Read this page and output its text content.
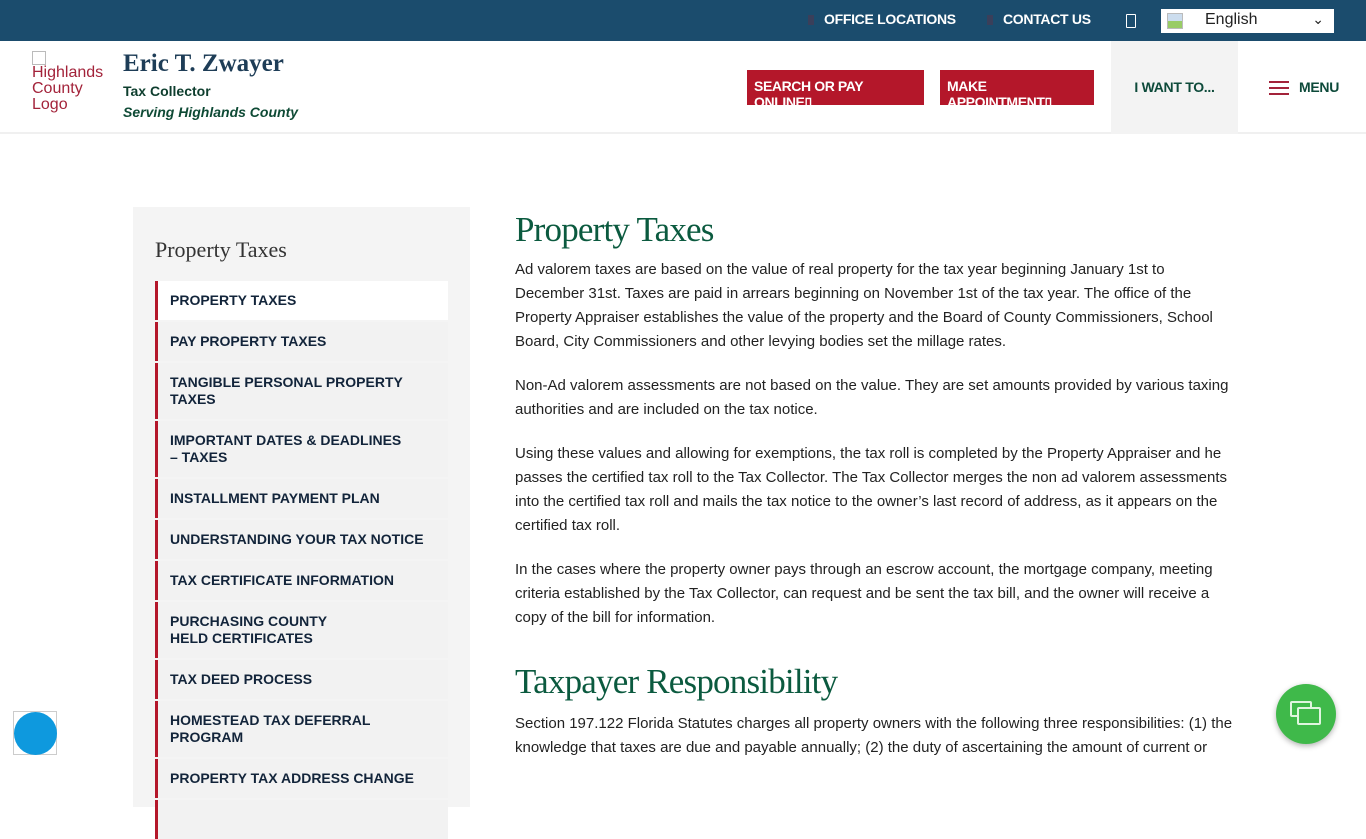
OFFICE LOCATIONS	CONTACT US	English	⌄
Highlands County Logo
Eric T. Zwayer
Tax Collector
Serving Highlands County
SEARCH OR PAY ONLINE▯
MAKE APPOINTMENT▯
I WANT TO...	MENU
Property Taxes
PROPERTY TAXES
PAY PROPERTY TAXES
TANGIBLE PERSONAL PROPERTY TAXES
IMPORTANT DATES & DEADLINES – TAXES
INSTALLMENT PAYMENT PLAN
UNDERSTANDING YOUR TAX NOTICE
TAX CERTIFICATE INFORMATION
PURCHASING COUNTY HELD CERTIFICATES
TAX DEED PROCESS
HOMESTEAD TAX DEFERRAL PROGRAM
PROPERTY TAX ADDRESS CHANGE

Property Taxes

Ad valorem taxes are based on the value of real property for the tax year beginning January 1st to December 31st. Taxes are paid in arrears beginning on November 1st of the tax year. The office of the Property Appraiser establishes the value of the property and the Board of County Commissioners, School Board, City Commissioners and other levying bodies set the millage rates.

Non-Ad valorem assessments are not based on the value. They are set amounts provided by various taxing authorities and are included on the tax notice.

Using these values and allowing for exemptions, the tax roll is completed by the Property Appraiser and he passes the certified tax roll to the Tax Collector. The Tax Collector merges the non ad valorem assessments into the certified tax roll and mails the tax notice to the owner’s last record of address, as it appears on the certified tax roll.

In the cases where the property owner pays through an escrow account, the mortgage company, meeting criteria established by the Tax Collector, can request and be sent the tax bill, and the owner will receive a copy of the bill for information.

Taxpayer Responsibility

Section 197.122 Florida Statutes charges all property owners with the following three responsibilities: (1) the knowledge that taxes are due and payable annually; (2) the duty of ascertaining the amount of current or
